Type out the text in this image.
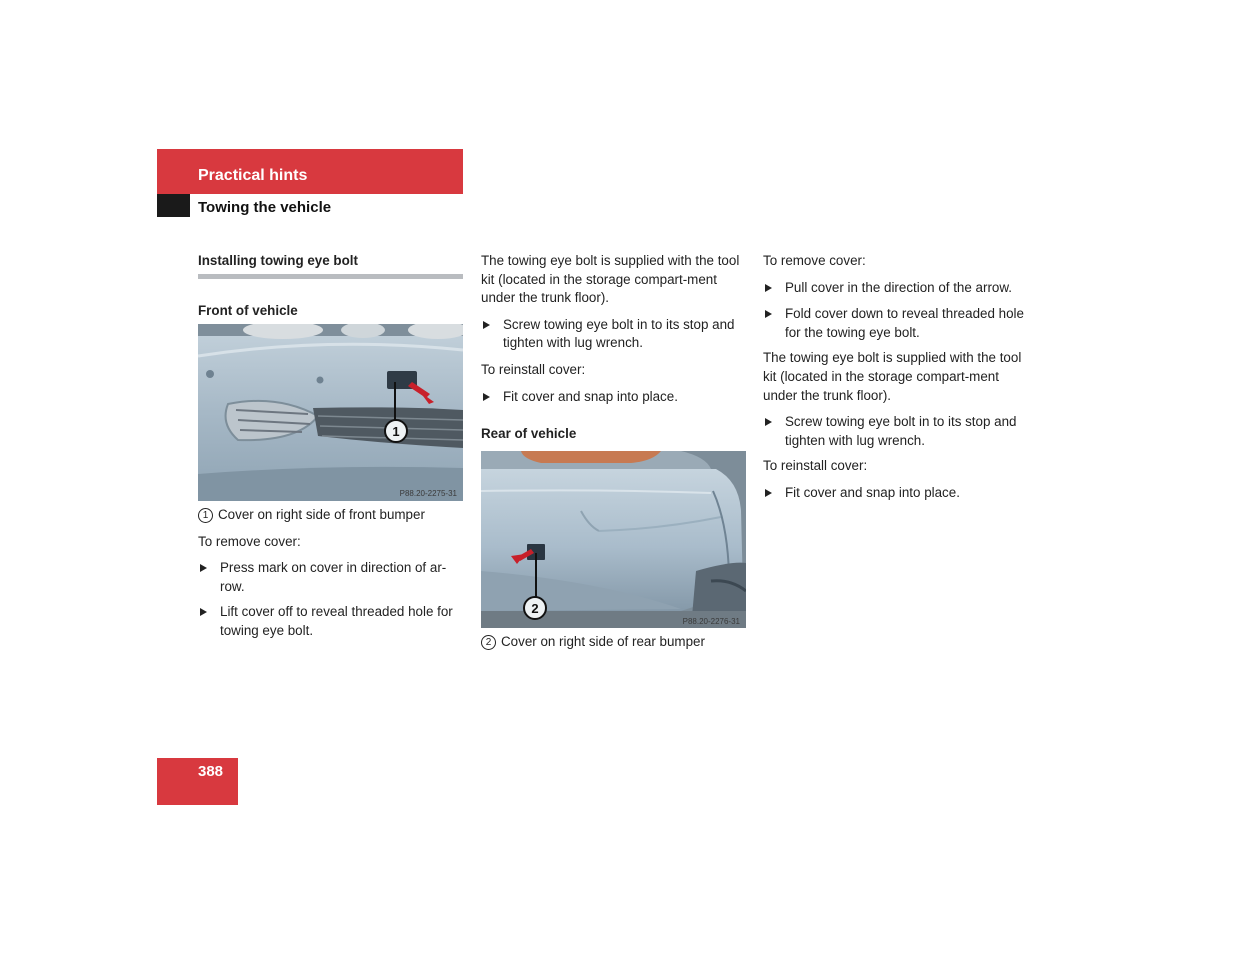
Practical hints
Towing the vehicle

Installing towing eye bolt

Front of vehicle

1
P88.20-2275-31

1 Cover on right side of front bumper

To remove cover:

Press mark on cover in direction of ar-row.

Lift cover off to reveal threaded hole for towing eye bolt.

The towing eye bolt is supplied with the tool kit (located in the storage compart-ment under the trunk floor).

Screw towing eye bolt in to its stop and tighten with lug wrench.

To reinstall cover:

Fit cover and snap into place.

Rear of vehicle

2
P88.20-2276-31

2 Cover on right side of rear bumper

To remove cover:

Pull cover in the direction of the arrow.

Fold cover down to reveal threaded hole for the towing eye bolt.

The towing eye bolt is supplied with the tool kit (located in the storage compart-ment under the trunk floor).

Screw towing eye bolt in to its stop and tighten with lug wrench.

To reinstall cover:

Fit cover and snap into place.

388
